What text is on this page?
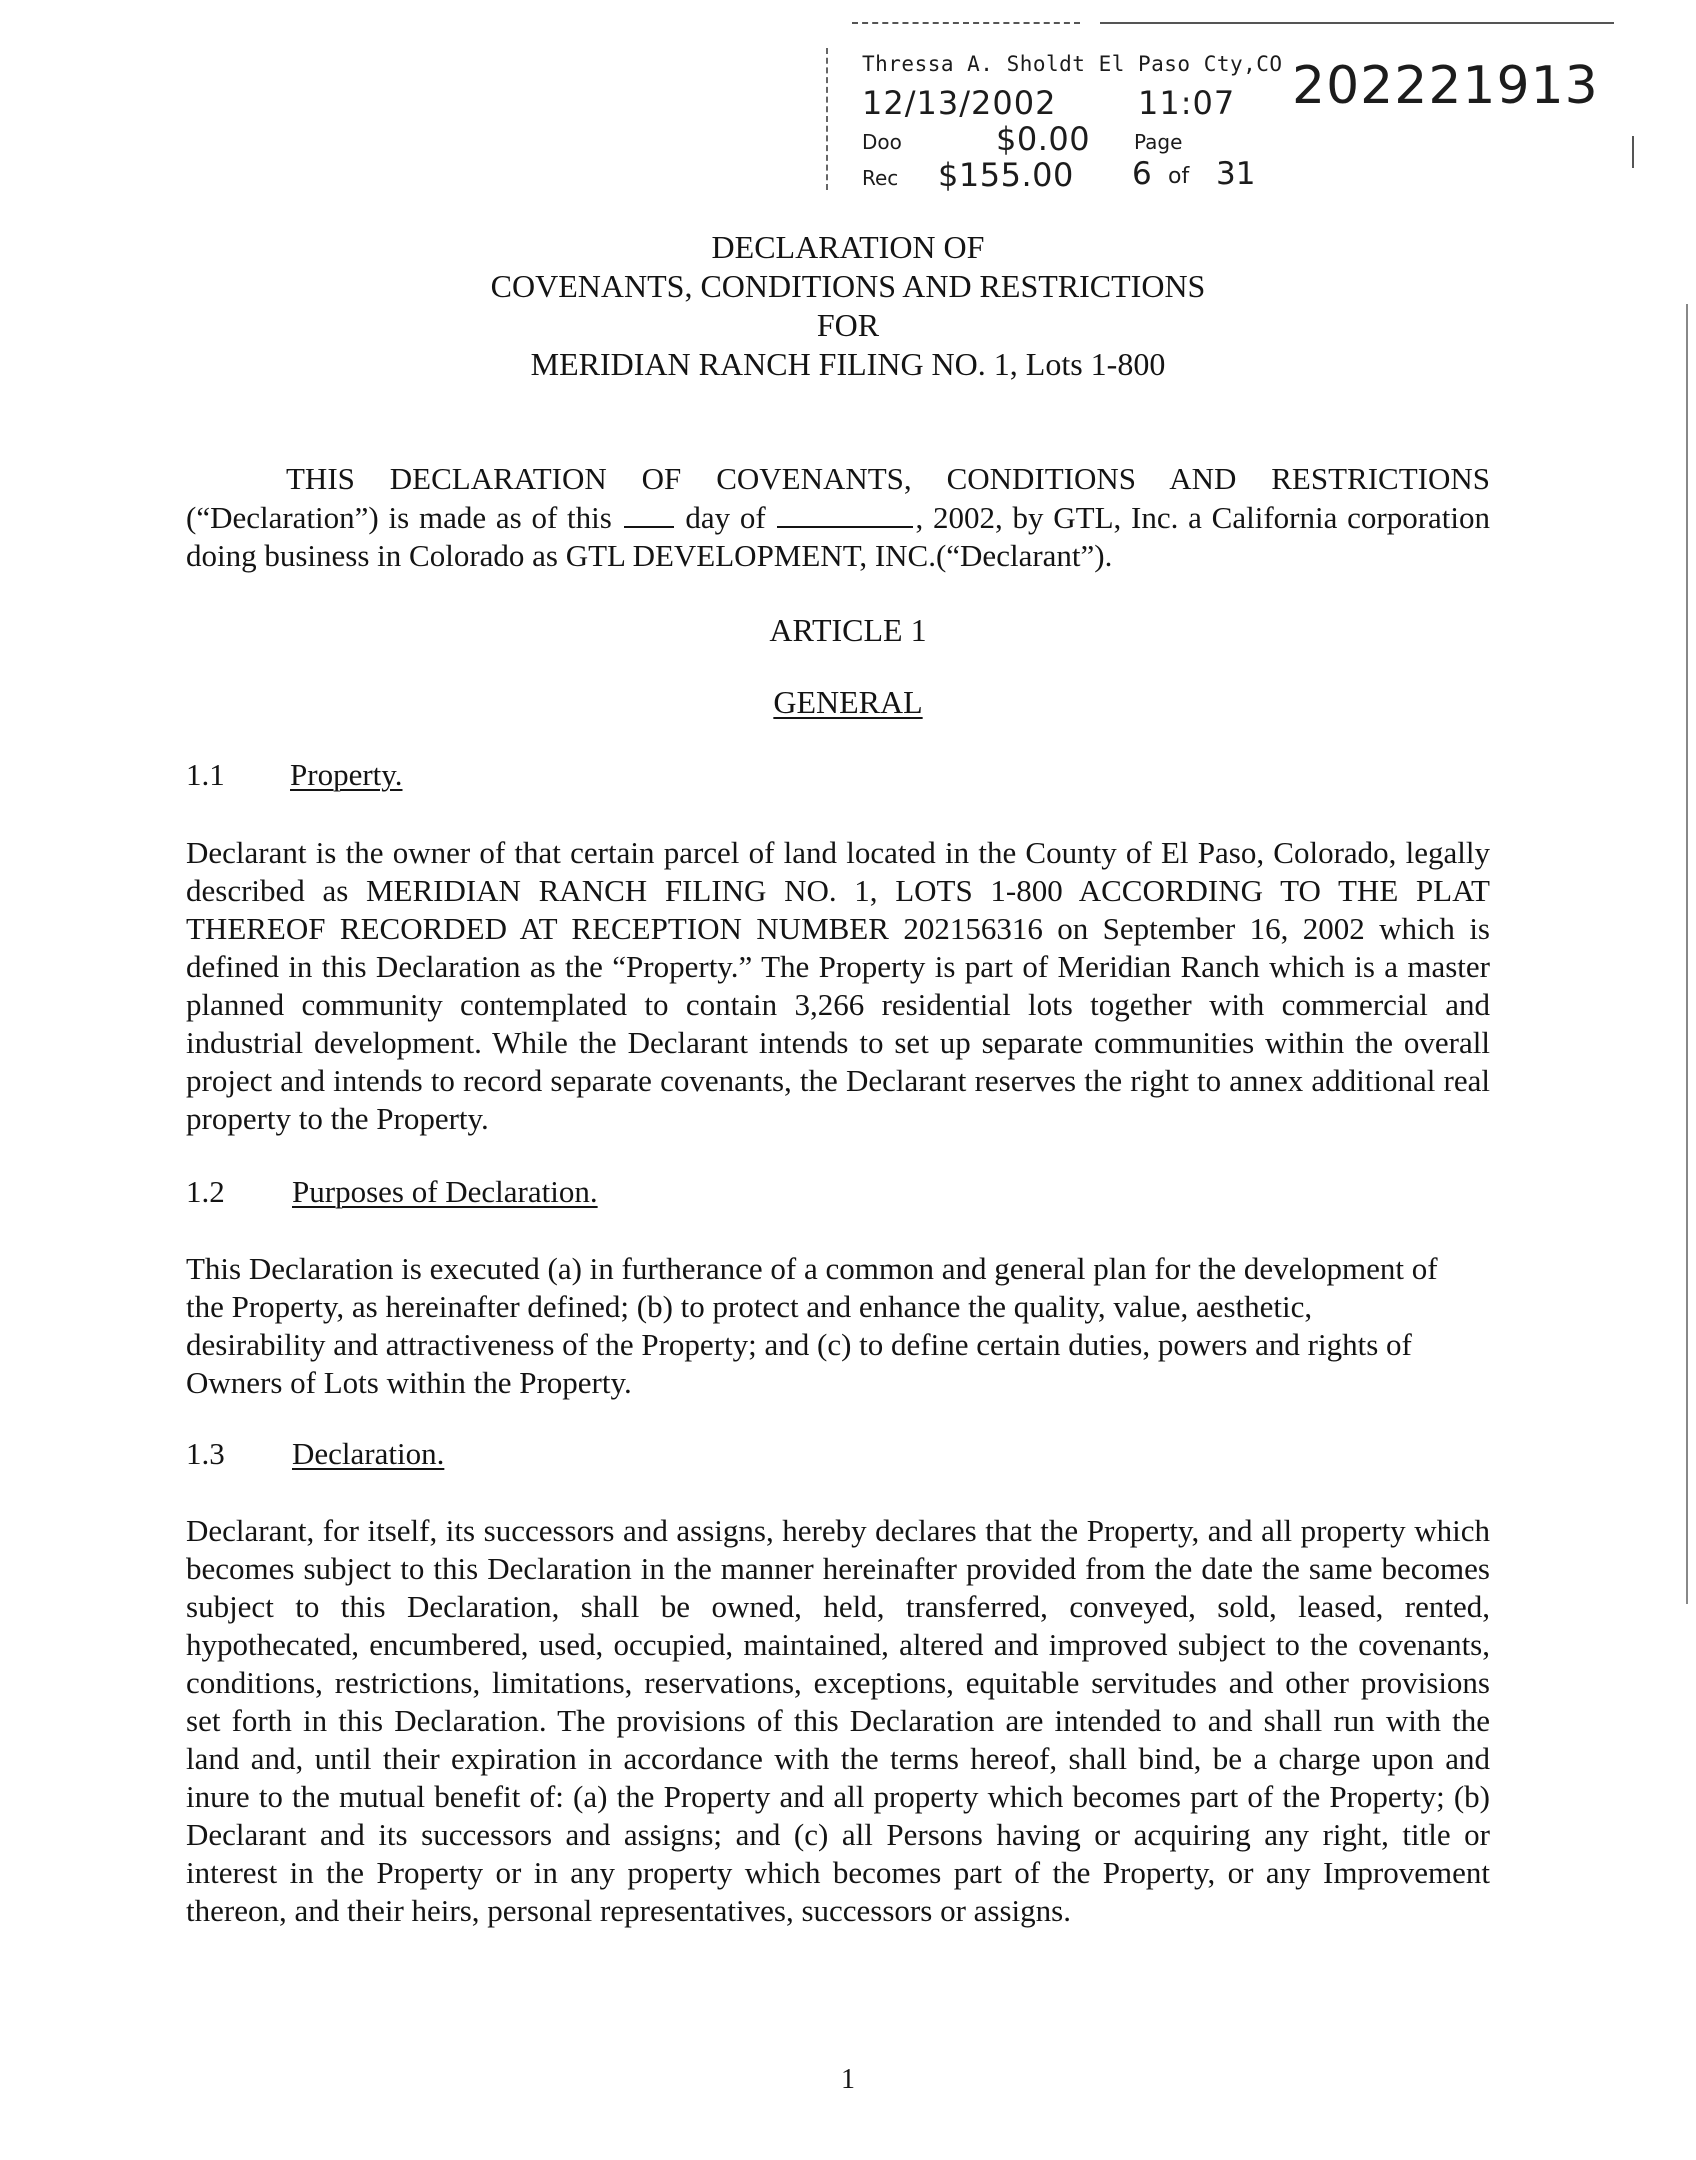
Thressa A. Sholdt El Paso Cty,CO
12/13/2002	11:07 202221913
Doo	$0.00 Page
Rec $155.00 6 of 31
DECLARATION OF
COVENANTS, CONDITIONS AND RESTRICTIONS
FOR
MERIDIAN RANCH FILING NO. 1, Lots 1-800
THIS DECLARATION OF COVENANTS, CONDITIONS AND RESTRICTIONS (“Declaration”) is made as of this day of	, 2002, by GTL, Inc. a California corporation doing business in Colorado as GTL DEVELOPMENT, INC.(“Declarant”).
ARTICLE 1
GENERAL
1.1 Property.
Declarant is the owner of that certain parcel of land located in the County of El Paso, Colorado, legally described as MERIDIAN RANCH FILING NO. 1, LOTS 1-800 ACCORDING TO THE PLAT THEREOF RECORDED AT RECEPTION NUMBER 202156316 on September 16, 2002 which is defined in this Declaration as the “Property.” The Property is part of Meridian Ranch which is a master planned community contemplated to contain 3,266 residential lots together with commercial and industrial development. While the Declarant intends to set up separate communities within the overall project and intends to record separate covenants, the Declarant reserves the right to annex additional real property to the Property.
1.2 Purposes of Declaration.
This Declaration is executed (a) in furtherance of a common and general plan for the development of the Property, as hereinafter defined; (b) to protect and enhance the quality, value, aesthetic, desirability and attractiveness of the Property; and (c) to define certain duties, powers and rights of Owners of Lots within the Property.
1.3 Declaration.
Declarant, for itself, its successors and assigns, hereby declares that the Property, and all property which becomes subject to this Declaration in the manner hereinafter provided from the date the same becomes subject to this Declaration, shall be owned, held, transferred, conveyed, sold, leased, rented, hypothecated, encumbered, used, occupied, maintained, altered and improved subject to the covenants, conditions, restrictions, limitations, reservations, exceptions, equitable servitudes and other provisions set forth in this Declaration. The provisions of this Declaration are intended to and shall run with the land and, until their expiration in accordance with the terms hereof, shall bind, be a charge upon and inure to the mutual benefit of: (a) the Property and all property which becomes part of the Property; (b) Declarant and its successors and assigns; and (c) all Persons having or acquiring any right, title or interest in the Property or in any property which becomes part of the Property, or any Improvement thereon, and their heirs, personal representatives, successors or assigns.
1
